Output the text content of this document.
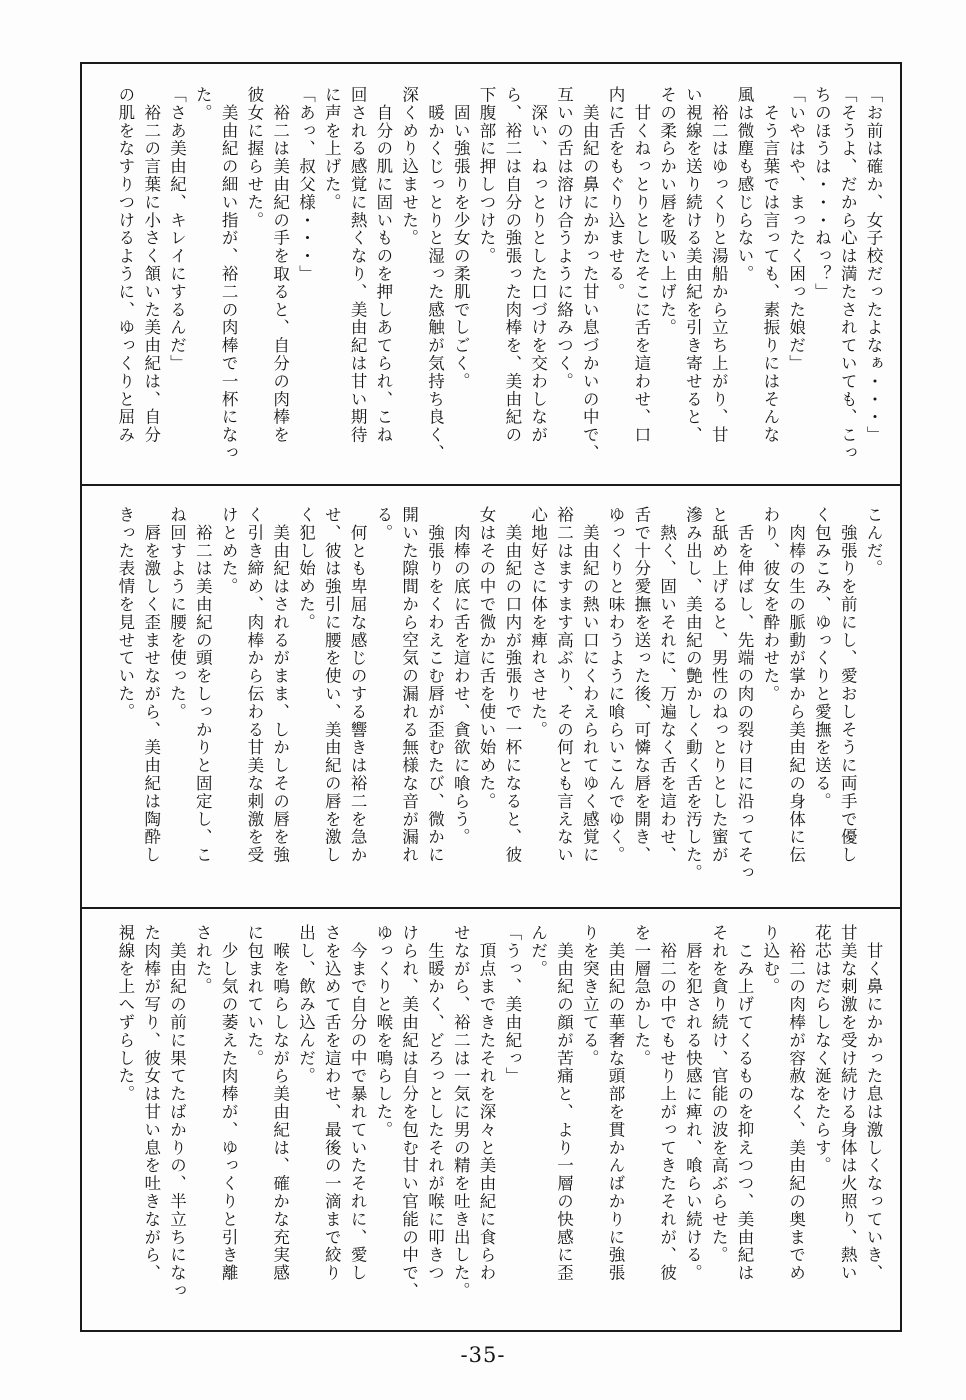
「お前は確か、女子校だったよなぁ・・・」
「そうよ、だから心は満たされていても、こっ
ちのほうは・・・ねっ？」
「いやはや、まったく困った娘だ」
　そう言葉では言っても、素振りにはそんな
風は微塵も感じらない。
　裕二はゆっくりと湯船から立ち上がり、甘
い視線を送り続ける美由紀を引き寄せると、
その柔らかい唇を吸い上げた。
　甘くねっとりとしたそこに舌を這わせ、口
内に舌をもぐり込ませる。
　美由紀の鼻にかかった甘い息づかいの中で、
互いの舌は溶け合うように絡みつく。
　深い、ねっとりとした口づけを交わしなが
ら、裕二は自分の強張った肉棒を、美由紀の
下腹部に押しつけた。
　固い強張りを少女の柔肌でしごく。
　暖かくじっとりと湿った感触が気持ち良く、
深くめり込ませた。
　自分の肌に固いものを押しあてられ、こね
回される感覚に熱くなり、美由紀は甘い期待
に声を上げた。
「あっ、叔父様・・・」
　裕二は美由紀の手を取ると、自分の肉棒を
彼女に握らせた。
　美由紀の細い指が、裕二の肉棒で一杯になっ
た。
「さあ美由紀、キレイにするんだ」
　裕二の言葉に小さく頷いた美由紀は、自分
の肌をなすりつけるように、ゆっくりと屈み
こんだ。
　強張りを前にし、愛おしそうに両手で優し
く包みこみ、ゆっくりと愛撫を送る。
　肉棒の生の脈動が掌から美由紀の身体に伝
わり、彼女を酔わせた。
　舌を伸ばし、先端の肉の裂け目に沿ってそっ
と舐め上げると、男性のねっとりとした蜜が
滲み出し、美由紀の艶かしく動く舌を汚した。
　熱く、固いそれに、万遍なく舌を這わせ、
舌で十分愛撫を送った後、可憐な唇を開き、
ゆっくりと味わうように喰らいこんでゆく。
　美由紀の熱い口にくわえられてゆく感覚に
裕二はますます高ぶり、その何とも言えない
心地好さに体を痺れさせた。
　美由紀の口内が強張りで一杯になると、彼
女はその中で微かに舌を使い始めた。
　肉棒の底に舌を這わせ、貪欲に喰らう。
　強張りをくわえこむ唇が歪むたび、微かに
開いた隙間から空気の漏れる無様な音が漏れ
る。
　何とも卑屈な感じのする響きは裕二を急か
せ、彼は強引に腰を使い、美由紀の唇を激し
く犯し始めた。
　美由紀はされるがまま、しかしその唇を強
く引き締め、肉棒から伝わる甘美な刺激を受
けとめた。
　裕二は美由紀の頭をしっかりと固定し、こ
ね回すように腰を使った。
　唇を激しく歪ませながら、美由紀は陶酔し
きった表情を見せていた。
　甘く鼻にかかった息は激しくなっていき、
甘美な刺激を受け続ける身体は火照り、熱い
花芯はだらしなく涎をたらす。
　裕二の肉棒が容赦なく、美由紀の奥までめ
り込む。
　こみ上げてくるものを抑えつつ、美由紀は
それを貪り続け、官能の波を高ぶらせた。
　唇を犯される快感に痺れ、喰らい続ける。
　裕二の中でもせり上がってきたそれが、彼
を一層急かした。
　美由紀の華奢な頭部を貫かんばかりに強張
りを突き立てる。
　美由紀の顔が苦痛と、より一層の快感に歪
んだ。
「うっ、美由紀っ」
　頂点まできたそれを深々と美由紀に食らわ
せながら、裕二は一気に男の精を吐き出した。
　生暖かく、どろっとしたそれが喉に叩きつ
けられ、美由紀は自分を包む甘い官能の中で、
ゆっくりと喉を鳴らした。
　今まで自分の中で暴れていたそれに、愛し
さを込めて舌を這わせ、最後の一滴まで絞り
出し、飲み込んだ。
　喉を鳴らしながら美由紀は、確かな充実感
に包まれていた。
　少し気の萎えた肉棒が、ゆっくりと引き離
された。
　美由紀の前に果てたばかりの、半立ちになっ
た肉棒が写り、彼女は甘い息を吐きながら、
視線を上へずらした。
-35-
